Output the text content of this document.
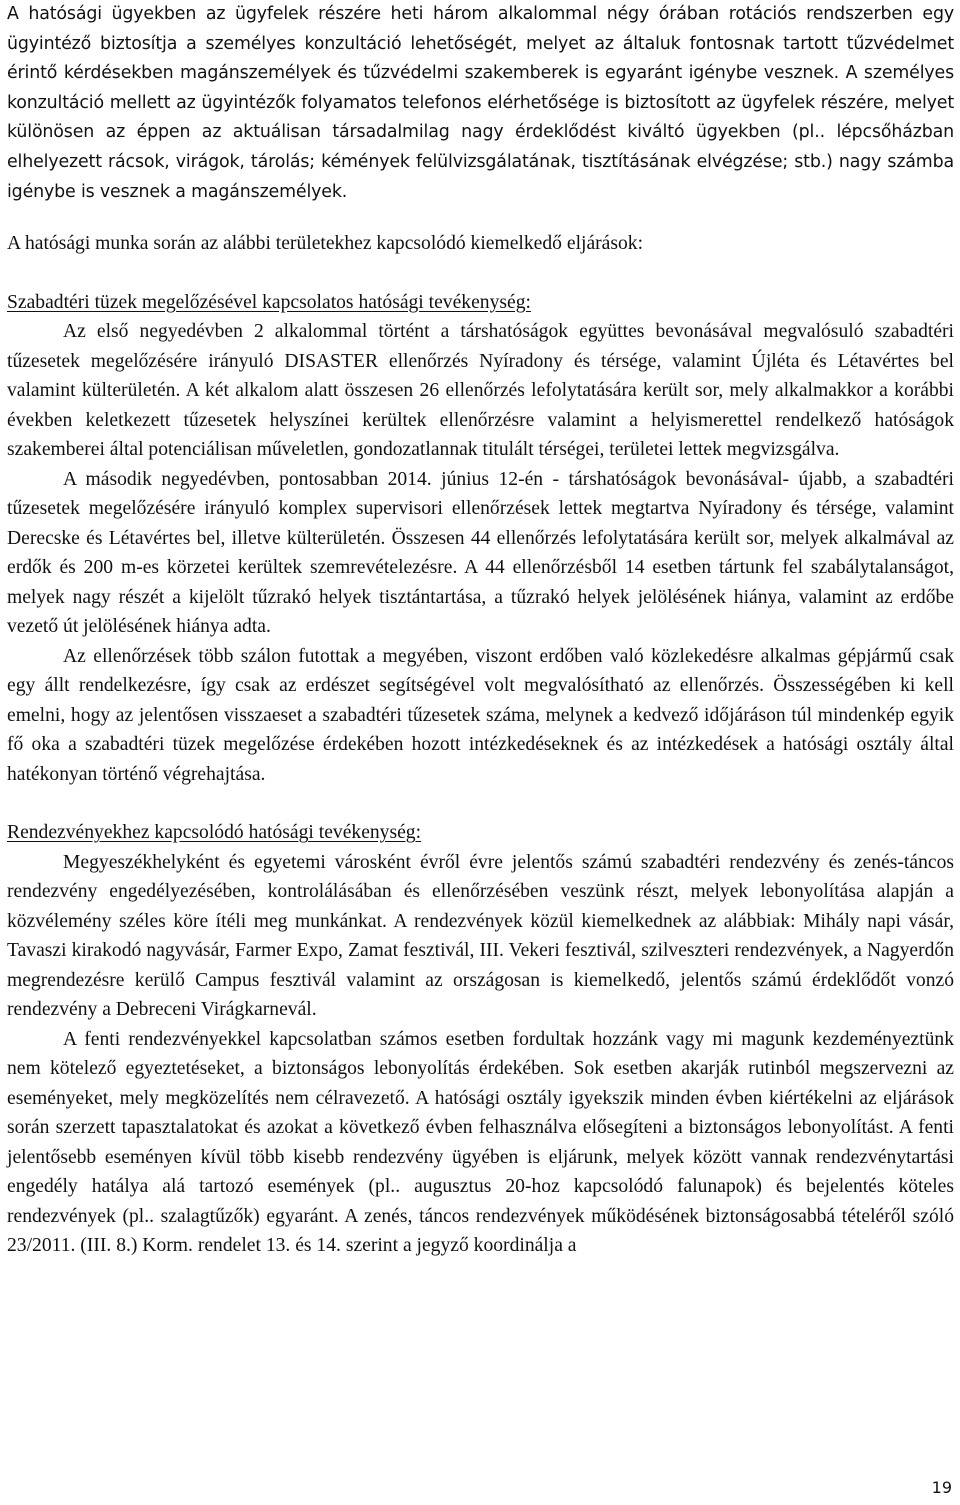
A hatósági ügyekben az ügyfelek részére heti három alkalommal négy órában rotációs rendszerben egy ügyintéző biztosítja a személyes konzultáció lehetőségét, melyet az általuk fontosnak tartott tűzvédelmet érintő kérdésekben magánszemélyek és tűzvédelmi szakemberek is egyaránt igénybe vesznek. A személyes konzultáció mellett az ügyintézők folyamatos telefonos elérhetősége is biztosított az ügyfelek részére, melyet különösen az éppen az aktuálisan társadalmilag nagy érdeklődést kiváltó ügyekben (pl.. lépcsőházban elhelyezett rácsok, virágok, tárolás; kémények felülvizsgálatának, tisztításának elvégzése; stb.) nagy számba igénybe is vesznek a magánszemélyek.

A hatósági munka során az alábbi területekhez kapcsolódó kiemelkedő eljárások:

Szabadtéri tüzek megelőzésével kapcsolatos hatósági tevékenység:

Az első negyedévben 2 alkalommal történt a társhatóságok együttes bevonásával megvalósuló szabadtéri tűzesetek megelőzésére irányuló DISASTER ellenőrzés Nyíradony és térsége, valamint Újléta és Létavértes bel valamint külterületén. A két alkalom alatt összesen 26 ellenőrzés lefolytatására került sor, mely alkalmakkor a korábbi években keletkezett tűzesetek helyszínei kerültek ellenőrzésre valamint a helyismerettel rendelkező hatóságok szakemberei által potenciálisan műveletlen, gondozatlannak titulált térségei, területei lettek megvizsgálva.

A második negyedévben, pontosabban 2014. június 12-én - társhatóságok bevonásával- újabb, a szabadtéri tűzesetek megelőzésére irányuló komplex supervisori ellenőrzések lettek megtartva Nyíradony és térsége, valamint Derecske és Létavértes bel, illetve külterületén. Összesen 44 ellenőrzés lefolytatására került sor, melyek alkalmával az erdők és 200 m-es körzetei kerültek szemrevételezésre. A 44 ellenőrzésből 14 esetben tártunk fel szabálytalanságot, melyek nagy részét a kijelölt tűzrakó helyek tisztántartása, a tűzrakó helyek jelölésének hiánya, valamint az erdőbe vezető út jelölésének hiánya adta.

Az ellenőrzések több szálon futottak a megyében, viszont erdőben való közlekedésre alkalmas gépjármű csak egy állt rendelkezésre, így csak az erdészet segítségével volt megvalósítható az ellenőrzés. Összességében ki kell emelni, hogy az jelentősen visszaeset a szabadtéri tűzesetek száma, melynek a kedvező időjáráson túl mindenkép egyik fő oka a szabadtéri tüzek megelőzése érdekében hozott intézkedéseknek és az intézkedések a hatósági osztály által hatékonyan történő végrehajtása.

Rendezvényekhez kapcsolódó hatósági tevékenység:

Megyeszékhelyként és egyetemi városként évről évre jelentős számú szabadtéri rendezvény és zenés-táncos rendezvény engedélyezésében, kontrolálásában és ellenőrzésében veszünk részt, melyek lebonyolítása alapján a közvélemény széles köre ítéli meg munkánkat. A rendezvények közül kiemelkednek az alábbiak: Mihály napi vásár, Tavaszi kirakodó nagyvásár, Farmer Expo, Zamat fesztivál, III. Vekeri fesztivál, szilveszteri rendezvények, a Nagyerdőn megrendezésre kerülő Campus fesztivál valamint az országosan is kiemelkedő, jelentős számú érdeklődőt vonzó rendezvény a Debreceni Virágkarnevál.

A fenti rendezvényekkel kapcsolatban számos esetben fordultak hozzánk vagy mi magunk kezdeményeztünk nem kötelező egyeztetéseket, a biztonságos lebonyolítás érdekében. Sok esetben akarják rutinból megszervezni az eseményeket, mely megközelítés nem célravezető. A hatósági osztály igyekszik minden évben kiértékelni az eljárások során szerzett tapasztalatokat és azokat a következő évben felhasználva elősegíteni a biztonságos lebonyolítást. A fenti jelentősebb eseményen kívül több kisebb rendezvény ügyében is eljárunk, melyek között vannak rendezvénytartási engedély hatálya alá tartozó események (pl.. augusztus 20-hoz kapcsolódó falunapok) és bejelentés köteles rendezvények (pl.. szalagtűzők) egyaránt. A zenés, táncos rendezvények működésének biztonságosabbá tételéről szóló 23/2011. (III. 8.) Korm. rendelet 13. és 14. szerint a jegyző koordinálja a

19
